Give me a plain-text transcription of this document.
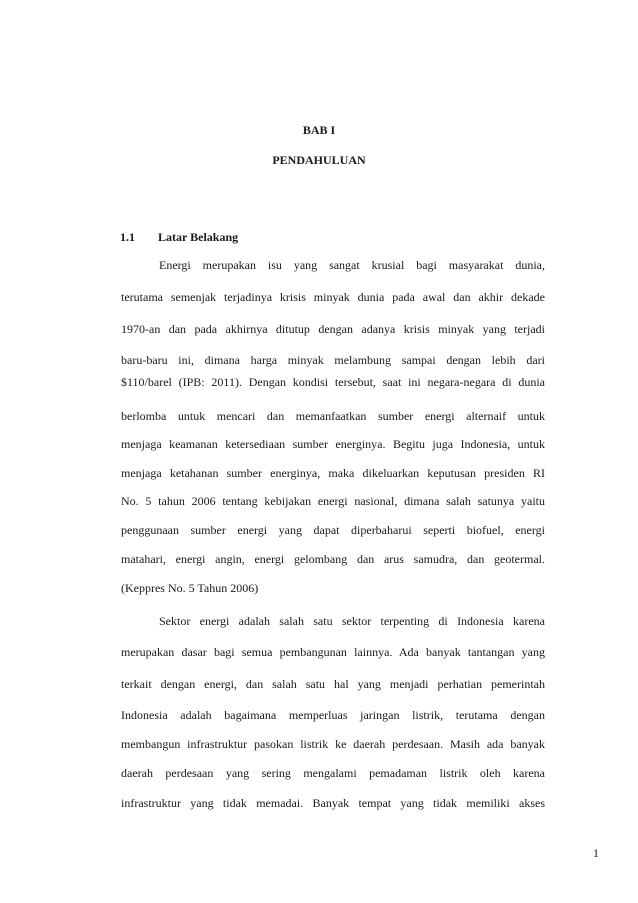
BAB I
PENDAHULUAN
1.1 Latar Belakang
Energi merupakan isu yang sangat krusial bagi masyarakat dunia,
terutama semenjak terjadinya krisis minyak dunia pada awal dan akhir dekade
1970-an dan pada akhirnya ditutup dengan adanya krisis minyak yang terjadi
baru-baru ini, dimana harga minyak melambung sampai dengan lebih dari
$110/barel (IPB: 2011). Dengan kondisi tersebut, saat ini negara-negara di dunia
berlomba untuk mencari dan memanfaatkan sumber energi alternaif untuk
menjaga keamanan ketersediaan sumber energinya. Begitu juga Indonesia, untuk
menjaga ketahanan sumber energinya, maka dikeluarkan keputusan presiden RI
No. 5 tahun 2006 tentang kebijakan energi nasional, dimana salah satunya yaitu
penggunaan sumber energi yang dapat diperbaharui seperti biofuel, energi
matahari, energi angin, energi gelombang dan arus samudra, dan geotermal.
(Keppres No. 5 Tahun 2006)
Sektor energi adalah salah satu sektor terpenting di Indonesia karena
merupakan dasar bagi semua pembangunan lainnya. Ada banyak tantangan yang
terkait dengan energi, dan salah satu hal yang menjadi perhatian pemerintah
Indonesia adalah bagaimana memperluas jaringan listrik, terutama dengan
membangun infrastruktur pasokan listrik ke daerah perdesaan. Masih ada banyak
daerah perdesaan yang sering mengalami pemadaman listrik oleh karena
infrastruktur yang tidak memadai. Banyak tempat yang tidak memiliki akses
1
